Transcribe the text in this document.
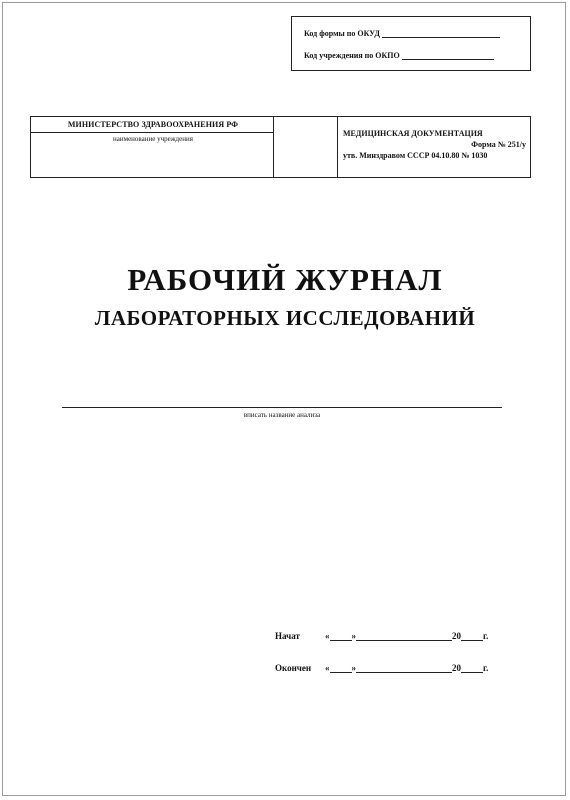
Код формы по ОКУД
Код учреждения по ОКПО
МИНИСТЕРСТВО ЗДРАВООХРАНЕНИЯ РФ
наименование учреждения
МЕДИЦИНСКАЯ ДОКУМЕНТАЦИЯ
Форма № 251/у
утв. Минздравом СССР 04.10.80 № 1030
РАБОЧИЙ ЖУРНАЛ
ЛАБОРАТОРНЫХ ИССЛЕДОВАНИЙ
вписать название анализа
Начат	« »	20 г.
Окончен « »	20 г.
